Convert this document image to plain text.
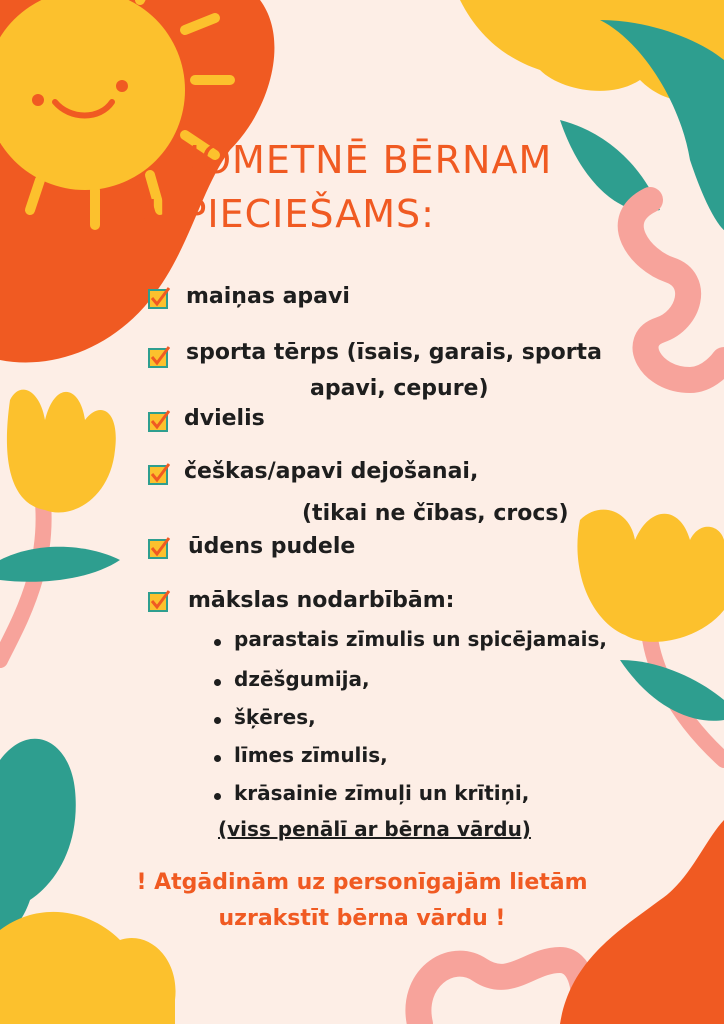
NOMETNĒ BĒRNAM
NEPIECIEŠAMS:
maiņas apavi
sporta tērps (īsais, garais, sporta
apavi, cepure)
dvielis
češkas/apavi dejošanai,
(tikai ne čības, crocs)
ūdens pudele
mākslas nodarbībām:
parastais zīmulis un spicējamais,
dzēšgumija,
šķēres,
līmes zīmulis,
krāsainie zīmuļi un krītiņi,
(viss penālī ar bērna vārdu)
! Atgādinām uz personīgajām lietām
uzrakstīt bērna vārdu !
